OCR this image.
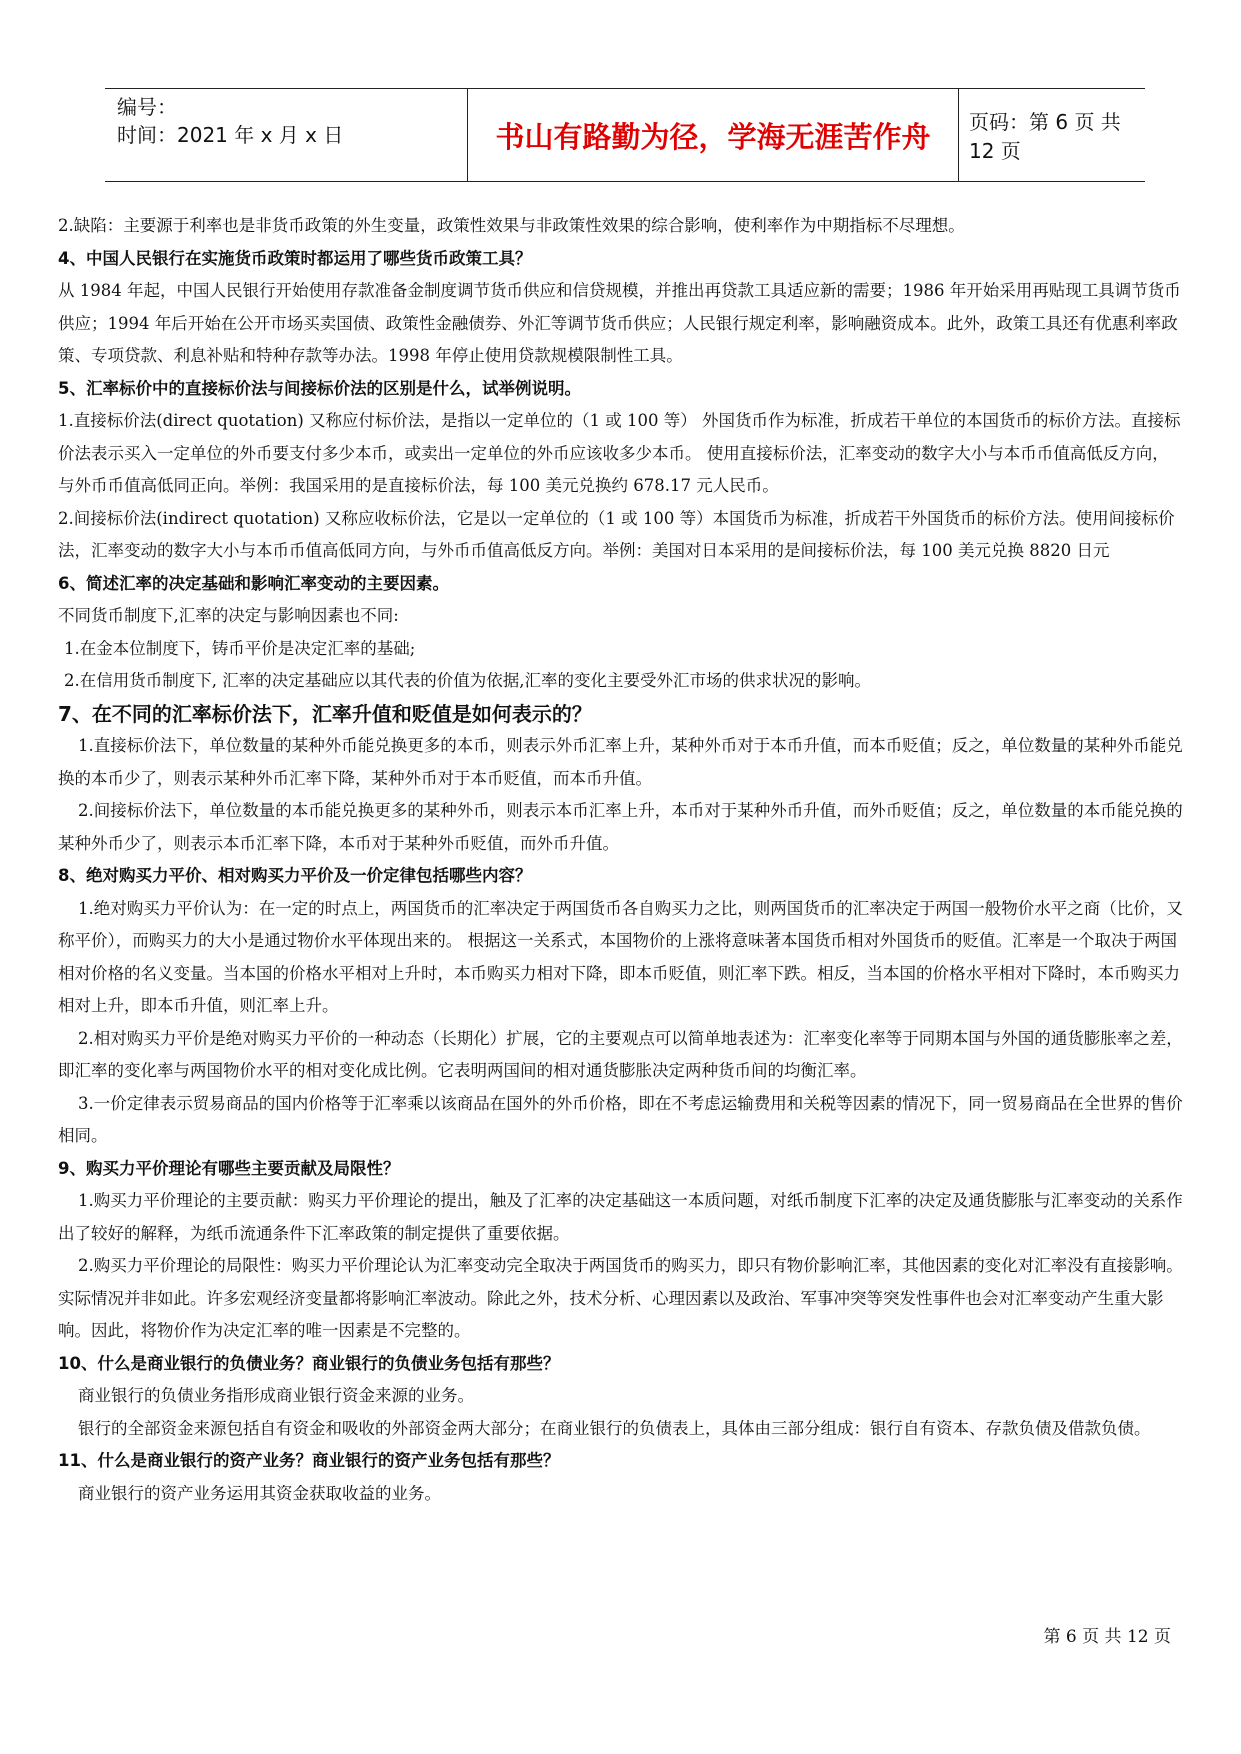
编号：
时间：2021 年 x 月 x 日	书山有路勤为径，学海无涯苦作舟	页码：第 6 页 共 12 页

2.缺陷：主要源于利率也是非货币政策的外生变量，政策性效果与非政策性效果的综合影响，使利率作为中期指标不尽理想。

4、中国人民银行在实施货币政策时都运用了哪些货币政策工具？

从 1984 年起，中国人民银行开始使用存款准备金制度调节货币供应和信贷规模，并推出再贷款工具适应新的需要；1986 年开始采用再贴现工具调节货币供应；1994 年后开始在公开市场买卖国债、政策性金融债券、外汇等调节货币供应；人民银行规定利率，影响融资成本。此外，政策工具还有优惠利率政策、专项贷款、利息补贴和特种存款等办法。1998 年停止使用贷款规模限制性工具。

5、汇率标价中的直接标价法与间接标价法的区别是什么，试举例说明。

1.直接标价法(direct quotation) 又称应付标价法，是指以一定单位的（1 或 100 等） 外国货币作为标准，折成若干单位的本国货币的标价方法。直接标价法表示买入一定单位的外币要支付多少本币，或卖出一定单位的外币应该收多少本币。 使用直接标价法，汇率变动的数字大小与本币币值高低反方向，与外币币值高低同正向。举例：我国采用的是直接标价法，每 100 美元兑换约 678.17 元人民币。

2.间接标价法(indirect quotation) 又称应收标价法，它是以一定单位的（1 或 100 等）本国货币为标准，折成若干外国货币的标价方法。使用间接标价法，汇率变动的数字大小与本币币值高低同方向，与外币币值高低反方向。举例：美国对日本采用的是间接标价法，每 100 美元兑换 8820 日元

6、简述汇率的决定基础和影响汇率变动的主要因素。

不同货币制度下,汇率的决定与影响因素也不同:

1.在金本位制度下，铸币平价是决定汇率的基础;

2.在信用货币制度下, 汇率的决定基础应以其代表的价值为依据,汇率的变化主要受外汇市场的供求状况的影响。

7、在不同的汇率标价法下，汇率升值和贬值是如何表示的？

1.直接标价法下，单位数量的某种外币能兑换更多的本币，则表示外币汇率上升，某种外币对于本币升值，而本币贬值；反之，单位数量的某种外币能兑换的本币少了，则表示某种外币汇率下降，某种外币对于本币贬值，而本币升值。

2.间接标价法下，单位数量的本币能兑换更多的某种外币，则表示本币汇率上升，本币对于某种外币升值，而外币贬值；反之，单位数量的本币能兑换的某种外币少了，则表示本币汇率下降，本币对于某种外币贬值，而外币升值。

8、绝对购买力平价、相对购买力平价及一价定律包括哪些内容？

1.绝对购买力平价认为：在一定的时点上，两国货币的汇率决定于两国货币各自购买力之比，则两国货币的汇率决定于两国一般物价水平之商（比价，又称平价），而购买力的大小是通过物价水平体现出来的。 根据这一关系式，本国物价的上涨将意味著本国货币相对外国货币的贬值。汇率是一个取决于两国相对价格的名义变量。当本国的价格水平相对上升时，本币购买力相对下降，即本币贬值，则汇率下跌。相反，当本国的价格水平相对下降时，本币购买力相对上升，即本币升值，则汇率上升。

2.相对购买力平价是绝对购买力平价的一种动态（长期化）扩展，它的主要观点可以简单地表述为：汇率变化率等于同期本国与外国的通货膨胀率之差，即汇率的变化率与两国物价水平的相对变化成比例。它表明两国间的相对通货膨胀决定两种货币间的均衡汇率。

3.一价定律表示贸易商品的国内价格等于汇率乘以该商品在国外的外币价格，即在不考虑运输费用和关税等因素的情况下，同一贸易商品在全世界的售价相同。

9、购买力平价理论有哪些主要贡献及局限性？

1.购买力平价理论的主要贡献：购买力平价理论的提出，触及了汇率的决定基础这一本质问题，对纸币制度下汇率的决定及通货膨胀与汇率变动的关系作出了较好的解释，为纸币流通条件下汇率政策的制定提供了重要依据。

2.购买力平价理论的局限性：购买力平价理论认为汇率变动完全取决于两国货币的购买力，即只有物价影响汇率，其他因素的变化对汇率没有直接影响。实际情况并非如此。许多宏观经济变量都将影响汇率波动。除此之外，技术分析、心理因素以及政治、军事冲突等突发性事件也会对汇率变动产生重大影响。因此，将物价作为决定汇率的唯一因素是不完整的。

10、什么是商业银行的负债业务？商业银行的负债业务包括有那些？

商业银行的负债业务指形成商业银行资金来源的业务。

银行的全部资金来源包括自有资金和吸收的外部资金两大部分；在商业银行的负债表上，具体由三部分组成：银行自有资本、存款负债及借款负债。

11、什么是商业银行的资产业务？商业银行的资产业务包括有那些？

商业银行的资产业务运用其资金获取收益的业务。

第 6 页 共 12 页
